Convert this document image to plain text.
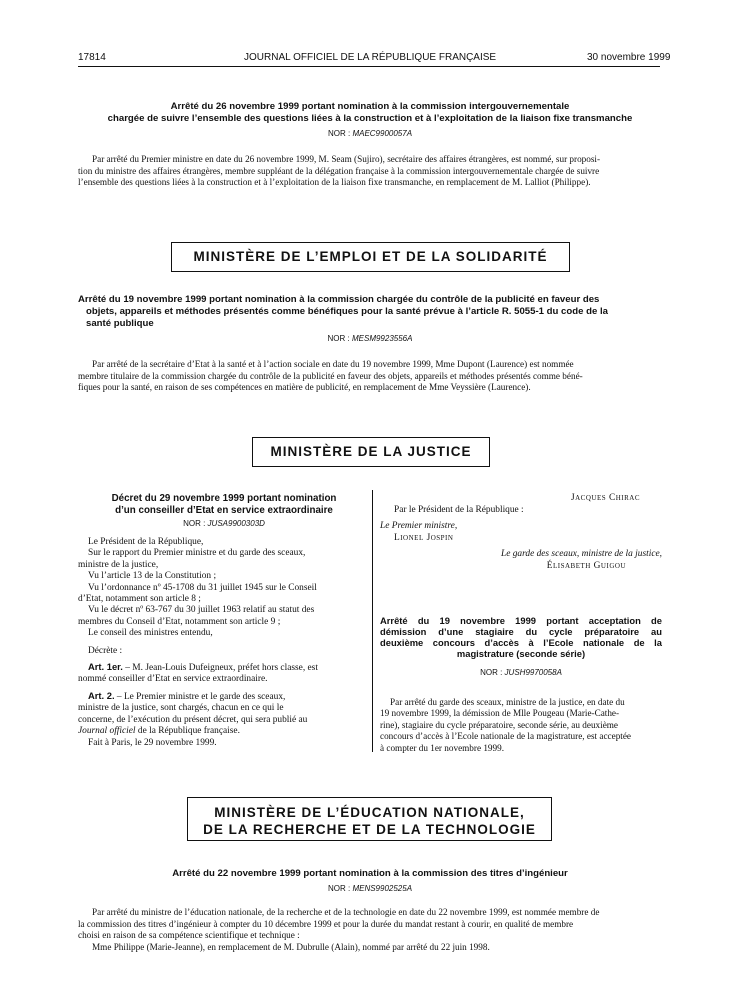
17814	JOURNAL OFFICIEL DE LA RÉPUBLIQUE FRANÇAISE	30 novembre 1999
Arrêté du 26 novembre 1999 portant nomination à la commission intergouvernementale
chargée de suivre l’ensemble des questions liées à la construction et à l’exploitation de la liaison fixe transmanche
NOR : MAEC9900057A
Par arrêté du Premier ministre en date du 26 novembre 1999, M. Seam (Sujiro), secrétaire des affaires étrangères, est nommé, sur proposi-
tion du ministre des affaires étrangères, membre suppléant de la délégation française à la commission intergouvernementale chargée de suivre
l’ensemble des questions liées à la construction et à l’exploitation de la liaison fixe transmanche, en remplacement de M. Lalliot (Philippe).
MINISTÈRE DE L’EMPLOI ET DE LA SOLIDARITÉ
Arrêté du 19 novembre 1999 portant nomination à la commission chargée du contrôle de la publicité en faveur des
objets, appareils et méthodes présentés comme bénéfiques pour la santé prévue à l’article R. 5055-1 du code de la
santé publique
NOR : MESM9923556A
Par arrêté de la secrétaire d’Etat à la santé et à l’action sociale en date du 19 novembre 1999, Mme Dupont (Laurence) est nommée
membre titulaire de la commission chargée du contrôle de la publicité en faveur des objets, appareils et méthodes présentés comme béné-
fiques pour la santé, en raison de ses compétences en matière de publicité, en remplacement de Mme Veyssière (Laurence).
MINISTÈRE DE LA JUSTICE
Décret du 29 novembre 1999 portant nomination
d’un conseiller d’Etat en service extraordinaire
NOR : JUSA9900303D
Le Président de la République,
Sur le rapport du Premier ministre et du garde des sceaux,
ministre de la justice,
Vu l’article 13 de la Constitution ;
Vu l’ordonnance nº 45-1708 du 31 juillet 1945 sur le Conseil
d’Etat, notamment son article 8 ;
Vu le décret nº 63-767 du 30 juillet 1963 relatif au statut des
membres du Conseil d’Etat, notamment son article 9 ;
Le conseil des ministres entendu,
Décrète :
Art. 1er. – M. Jean-Louis Dufeigneux, préfet hors classe, est
nommé conseiller d’Etat en service extraordinaire.
Art. 2. – Le Premier ministre et le garde des sceaux,
ministre de la justice, sont chargés, chacun en ce qui le
concerne, de l’exécution du présent décret, qui sera publié au
Journal officiel de la République française.
Fait à Paris, le 29 novembre 1999.
Jacques Chirac
Par le Président de la République :
Le Premier ministre,
Lionel Jospin
Le garde des sceaux, ministre de la justice,
Élisabeth Guigou
Arrêté du 19 novembre 1999 portant acceptation de
démission d’une stagiaire du cycle préparatoire au
deuxième concours d’accès à l’Ecole nationale de la
magistrature (seconde série)
NOR : JUSH9970058A
Par arrêté du garde des sceaux, ministre de la justice, en date du
19 novembre 1999, la démission de Mlle Pougeau (Marie-Cathe-
rine), stagiaire du cycle préparatoire, seconde série, au deuxième
concours d’accès à l’Ecole nationale de la magistrature, est acceptée
à compter du 1er novembre 1999.
MINISTÈRE DE L’ÉDUCATION NATIONALE,
DE LA RECHERCHE ET DE LA TECHNOLOGIE
Arrêté du 22 novembre 1999 portant nomination à la commission des titres d’ingénieur
NOR : MENS9902525A
Par arrêté du ministre de l’éducation nationale, de la recherche et de la technologie en date du 22 novembre 1999, est nommée membre de
la commission des titres d’ingénieur à compter du 10 décembre 1999 et pour la durée du mandat restant à courir, en qualité de membre
choisi en raison de sa compétence scientifique et technique :
Mme Philippe (Marie-Jeanne), en remplacement de M. Dubrulle (Alain), nommé par arrêté du 22 juin 1998.
